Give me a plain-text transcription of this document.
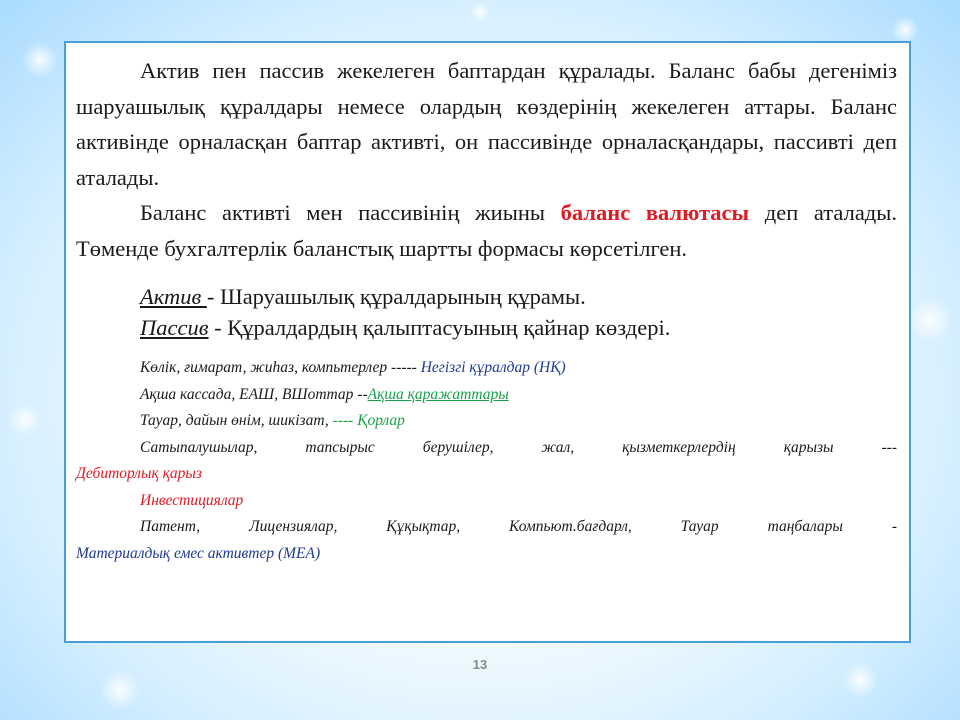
Актив пен пассив жекелеген баптардан құралады. Баланс бабы дегеніміз шаруашылық құралдары немесе олардың көздерінің жекелеген аттары. Баланс активінде орналасқан баптар активті, он пассивінде орналасқандары, пассивті деп аталады.

Баланс активті мен пассивінің жиыны баланс валютасы деп аталады. Төменде бухгалтерлік баланстық шартты формасы көрсетілген.

Актив - Шаруашылық құралдарының құрамы.
Пассив - Құралдардың қалыптасуының қайнар көздері.
Көлік, ғимарат, жиһаз, компьтерлер ----- Негізгі құралдар (НҚ)
Ақша кассада, ЕАШ, ВШоттар --Ақша қаражаттары
Тауар, дайын өнім, шикізат, ---- Қорлар
Сатыпалушылар, тапсырыс берушілер, жал, қызметкерлердің қарызы ---
Дебиторлық қарыз
Инвестициялар
Патент, Лицензиялар, Құқықтар, Компьют.бағдарл, Тауар таңбалары -
Материалдық емес активтер (МЕА)
13
